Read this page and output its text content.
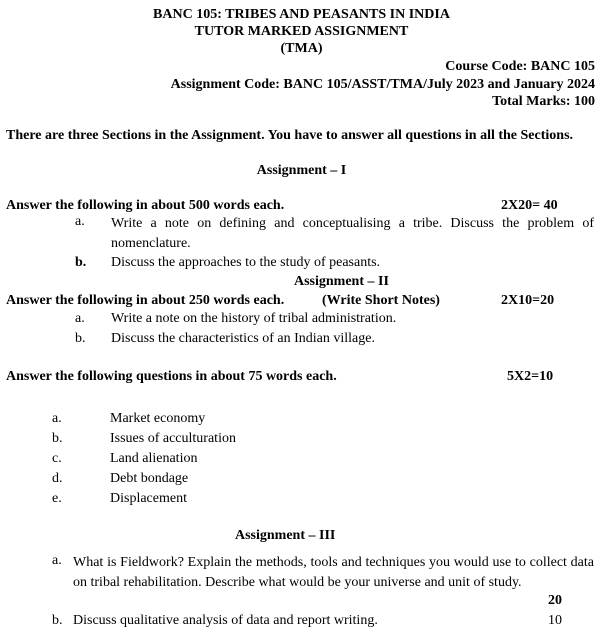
BANC 105: TRIBES AND PEASANTS IN INDIA
TUTOR MARKED ASSIGNMENT
(TMA)
Course Code: BANC 105
Assignment Code: BANC 105/ASST/TMA/July 2023 and January 2024
Total Marks: 100
There are three Sections in the Assignment. You have to answer all questions in all the Sections.
Assignment – I
Answer the following in about 500 words each.	2X20= 40
a. Write a note on defining and conceptualising a tribe. Discuss the problem of nomenclature.
b. Discuss the approaches to the study of peasants.
Assignment – II
Answer the following in about 250 words each.	(Write Short Notes)	2X10=20
a. Write a note on the history of tribal administration.
b. Discuss the characteristics of an Indian village.
Answer the following questions in about 75 words each.	5X2=10
a.	Market economy
b.	Issues of acculturation
c.	Land alienation
d.	Debt bondage
e.	Displacement
Assignment – III
a. What is Fieldwork? Explain the methods, tools and techniques you would use to collect data on tribal rehabilitation. Describe what would be your universe and unit of study.
20
b. Discuss qualitative analysis of data and report writing.	10
